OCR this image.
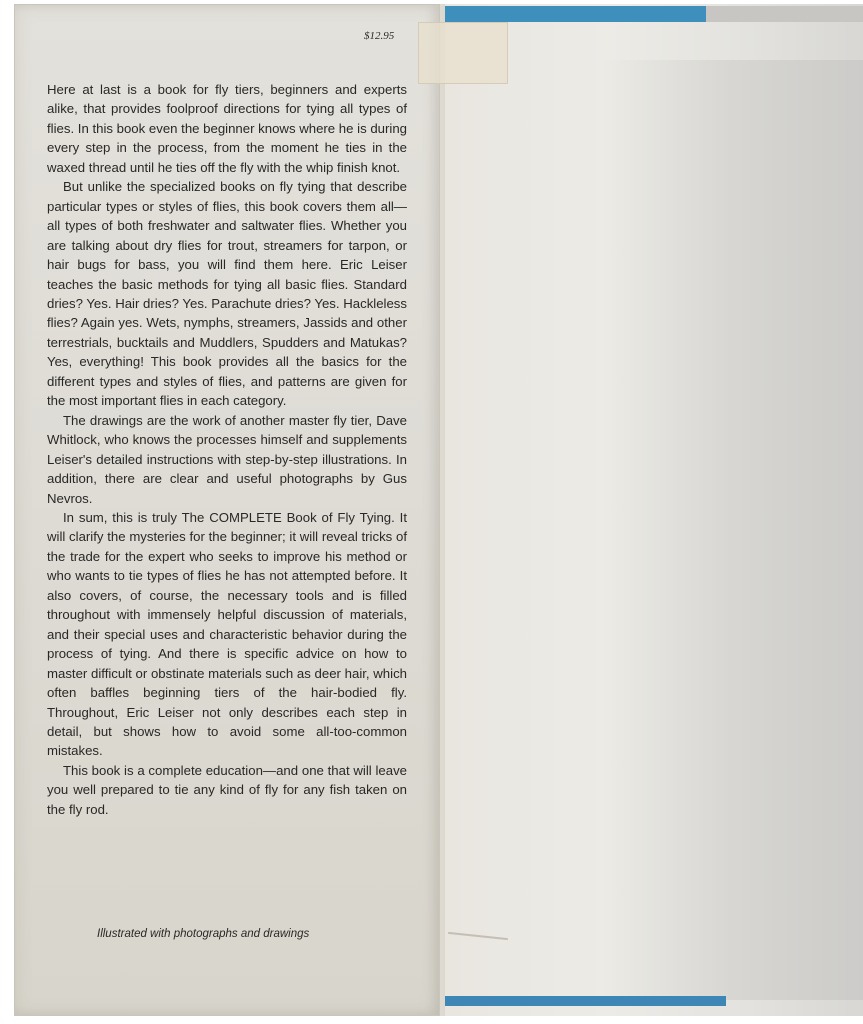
$12.95

Here at last is a book for fly tiers, beginners and experts alike, that provides foolproof directions for tying all types of flies. In this book even the beginner knows where he is during every step in the process, from the moment he ties in the waxed thread until he ties off the fly with the whip finish knot.

But unlike the specialized books on fly tying that describe particular types or styles of flies, this book covers them all—all types of both freshwater and saltwater flies. Whether you are talking about dry flies for trout, streamers for tarpon, or hair bugs for bass, you will find them here. Eric Leiser teaches the basic methods for tying all basic flies. Standard dries? Yes. Hair dries? Yes. Parachute dries? Yes. Hackleless flies? Again yes. Wets, nymphs, streamers, Jassids and other terrestrials, bucktails and Muddlers, Spudders and Matukas? Yes, everything! This book provides all the basics for the different types and styles of flies, and patterns are given for the most important flies in each category.

The drawings are the work of another master fly tier, Dave Whitlock, who knows the processes himself and supplements Leiser's detailed instructions with step-by-step illustrations. In addition, there are clear and useful photographs by Gus Nevros.

In sum, this is truly The COMPLETE Book of Fly Tying. It will clarify the mysteries for the beginner; it will reveal tricks of the trade for the expert who seeks to improve his method or who wants to tie types of flies he has not attempted before. It also covers, of course, the necessary tools and is filled throughout with immensely helpful discussion of materials, and their special uses and characteristic behavior during the process of tying. And there is specific advice on how to master difficult or obstinate materials such as deer hair, which often baffles beginning tiers of the hair-bodied fly. Throughout, Eric Leiser not only describes each step in detail, but shows how to avoid some all-too-common mistakes.

This book is a complete education—and one that will leave you well prepared to tie any kind of fly for any fish taken on the fly rod.

Illustrated with photographs and drawings
